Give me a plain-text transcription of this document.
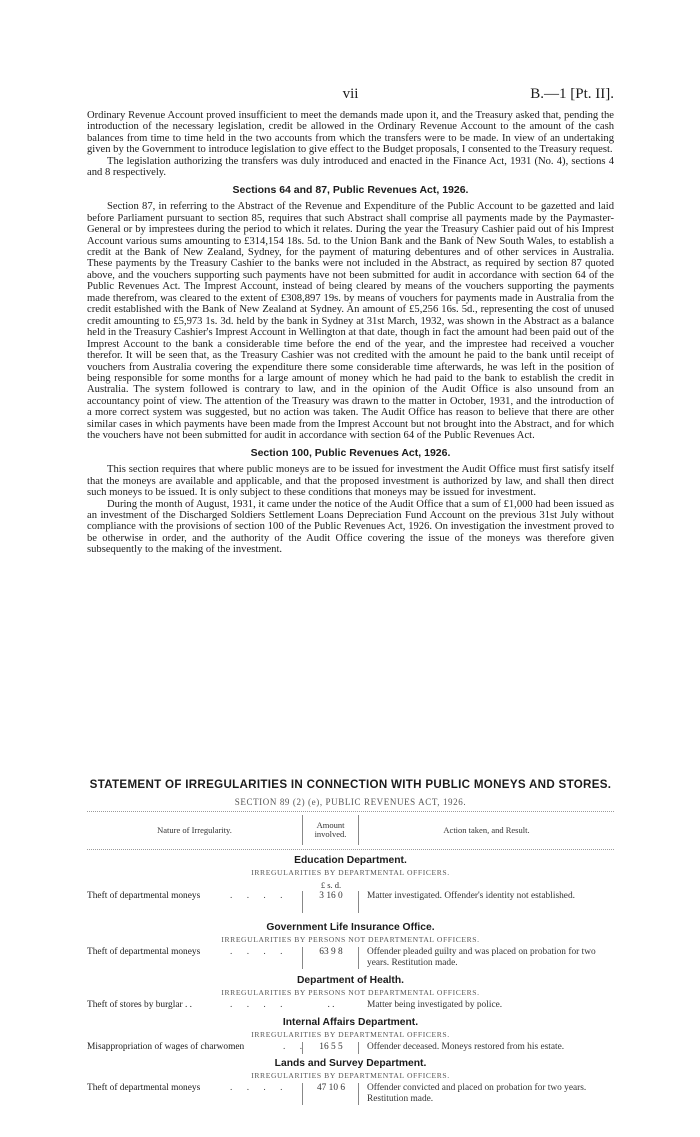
vii	B.—1 [Pt. II].

Ordinary Revenue Account proved insufficient to meet the demands made upon it, and the Treasury asked that, pending the introduction of the necessary legislation, credit be allowed in the Ordinary Revenue Account to the amount of the cash balances from time to time held in the two accounts from which the transfers were to be made. In view of an undertaking given by the Government to introduce legislation to give effect to the Budget proposals, I consented to the Treasury request.

The legislation authorizing the transfers was duly introduced and enacted in the Finance Act, 1931 (No. 4), sections 4 and 8 respectively.

Sections 64 and 87, Public Revenues Act, 1926.

Section 87, in referring to the Abstract of the Revenue and Expenditure of the Public Account to be gazetted and laid before Parliament pursuant to section 85, requires that such Abstract shall comprise all payments made by the Paymaster-General or by imprestees during the period to which it relates. During the year the Treasury Cashier paid out of his Imprest Account various sums amounting to £314,154 18s. 5d. to the Union Bank and the Bank of New South Wales, to establish a credit at the Bank of New Zealand, Sydney, for the payment of maturing debentures and of other services in Australia. These payments by the Treasury Cashier to the banks were not included in the Abstract, as required by section 87 quoted above, and the vouchers supporting such payments have not been submitted for audit in accordance with section 64 of the Public Revenues Act. The Imprest Account, instead of being cleared by means of the vouchers supporting the payments made therefrom, was cleared to the extent of £308,897 19s. by means of vouchers for payments made in Australia from the credit established with the Bank of New Zealand at Sydney. An amount of £5,256 16s. 5d., representing the cost of unused credit amounting to £5,973 1s. 3d. held by the bank in Sydney at 31st March, 1932, was shown in the Abstract as a balance held in the Treasury Cashier's Imprest Account in Wellington at that date, though in fact the amount had been paid out of the Imprest Account to the bank a considerable time before the end of the year, and the imprestee had received a voucher therefor. It will be seen that, as the Treasury Cashier was not credited with the amount he paid to the bank until receipt of vouchers from Australia covering the expenditure there some considerable time afterwards, he was left in the position of being responsible for some months for a large amount of money which he had paid to the bank to establish the credit in Australia. The system followed is contrary to law, and in the opinion of the Audit Office is also unsound from an accountancy point of view. The attention of the Treasury was drawn to the matter in October, 1931, and the introduction of a more correct system was suggested, but no action was taken. The Audit Office has reason to believe that there are other similar cases in which payments have been made from the Imprest Account but not brought into the Abstract, and for which the vouchers have not been submitted for audit in accordance with section 64 of the Public Revenues Act.

Section 100, Public Revenues Act, 1926.

This section requires that where public moneys are to be issued for investment the Audit Office must first satisfy itself that the moneys are available and applicable, and that the proposed investment is authorized by law, and shall then direct such moneys to be issued. It is only subject to these conditions that moneys may be issued for investment.

During the month of August, 1931, it came under the notice of the Audit Office that a sum of £1,000 had been issued as an investment of the Discharged Soldiers Settlement Loans Depreciation Fund Account on the previous 31st July without compliance with the provisions of section 100 of the Public Revenues Act, 1926. On investigation the investment proved to be otherwise in order, and the authority of the Audit Office covering the issue of the moneys was therefore given subsequently to the making of the investment.

STATEMENT OF IRREGULARITIES IN CONNECTION WITH PUBLIC MONEYS AND STORES.
SECTION 89 (2) (e), PUBLIC REVENUES ACT, 1926.
Nature of Irregularity.	Amount involved.	Action taken, and Result.
Education Department.
IRREGULARITIES BY DEPARTMENTAL OFFICERS.
£ s. d.
Theft of departmental moneys	. . . .	3 16 0	Matter investigated. Offender's identity not established.
Government Life Insurance Office.
IRREGULARITIES BY PERSONS NOT DEPARTMENTAL OFFICERS.
Theft of departmental moneys	. . . .	63 9 8	Offender pleaded guilty and was placed on probation for two years. Restitution made.
Department of Health.
IRREGULARITIES BY PERSONS NOT DEPARTMENTAL OFFICERS.
Theft of stores by burglar . .	. . . .	. .	Matter being investigated by police.
Internal Affairs Department.
IRREGULARITIES BY DEPARTMENTAL OFFICERS.
Misappropriation of wages of charwomen	. .	16 5 5	Offender deceased. Moneys restored from his estate.
Lands and Survey Department.
IRREGULARITIES BY DEPARTMENTAL OFFICERS.
Theft of departmental moneys	. . . .	47 10 6	Offender convicted and placed on probation for two years. Restitution made.
